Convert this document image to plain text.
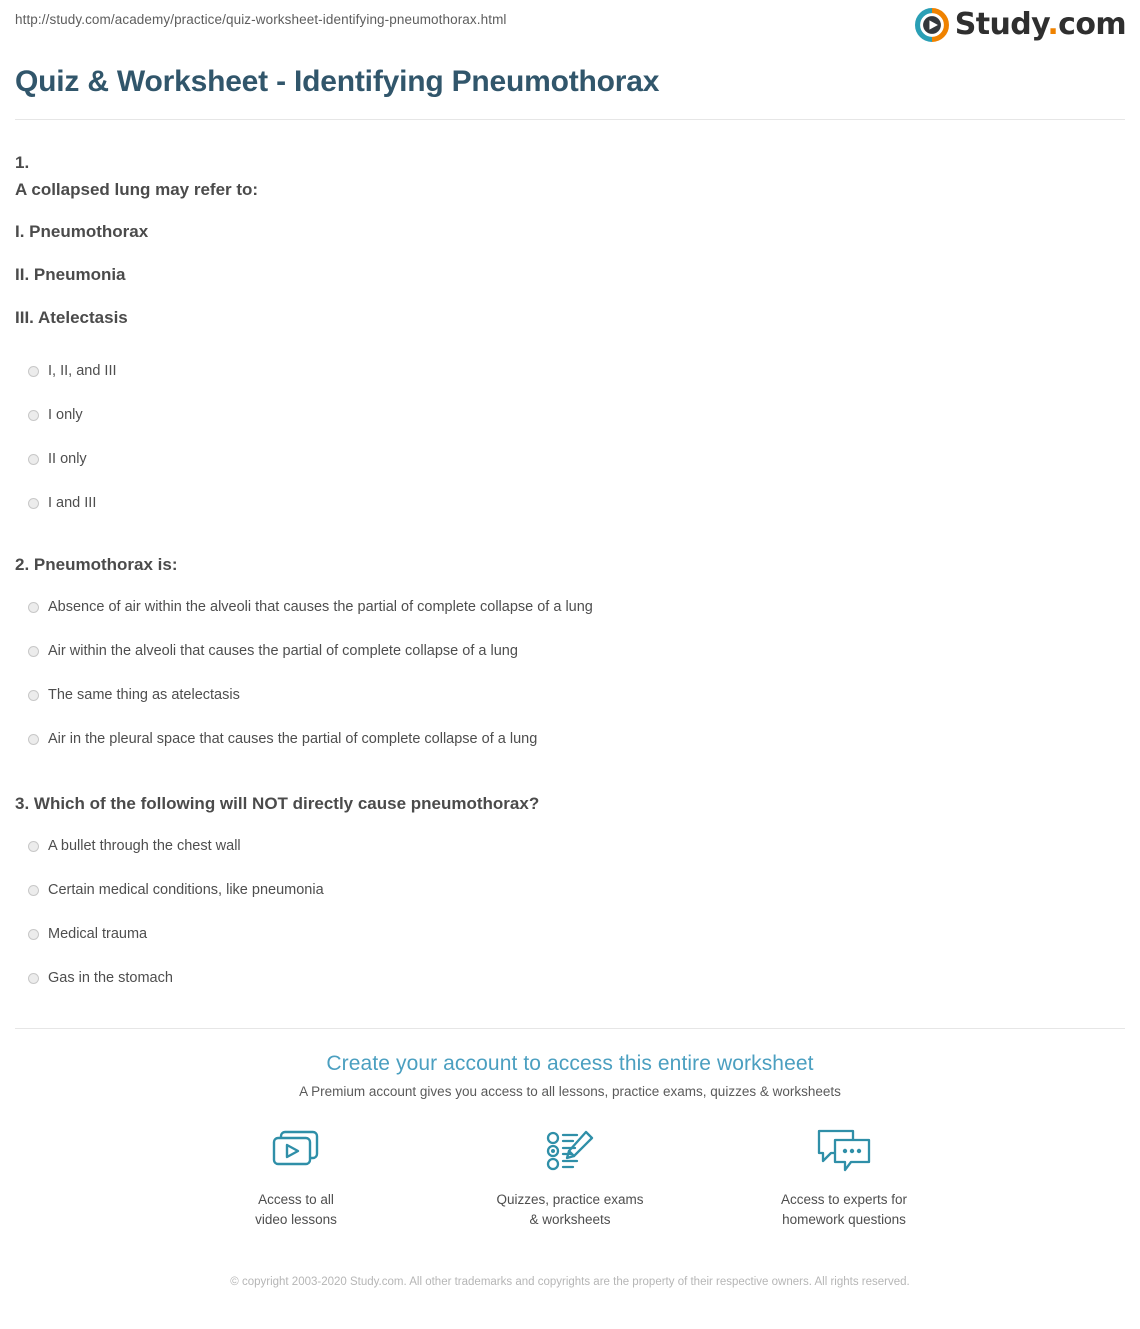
http://study.com/academy/practice/quiz-worksheet-identifying-pneumothorax.html	Study.com
Quiz & Worksheet - Identifying Pneumothorax
1.
A collapsed lung may refer to:
I. Pneumothorax
II. Pneumonia
III. Atelectasis
I, II, and III
I only
II only
I and III
2. Pneumothorax is:
Absence of air within the alveoli that causes the partial of complete collapse of a lung
Air within the alveoli that causes the partial of complete collapse of a lung
The same thing as atelectasis
Air in the pleural space that causes the partial of complete collapse of a lung
3. Which of the following will NOT directly cause pneumothorax?
A bullet through the chest wall
Certain medical conditions, like pneumonia
Medical trauma
Gas in the stomach
Create your account to access this entire worksheet
A Premium account gives you access to all lessons, practice exams, quizzes & worksheets
Access to all
video lessons
Quizzes, practice exams
& worksheets
Access to experts for
homework questions
© copyright 2003-2020 Study.com. All other trademarks and copyrights are the property of their respective owners. All rights reserved.
